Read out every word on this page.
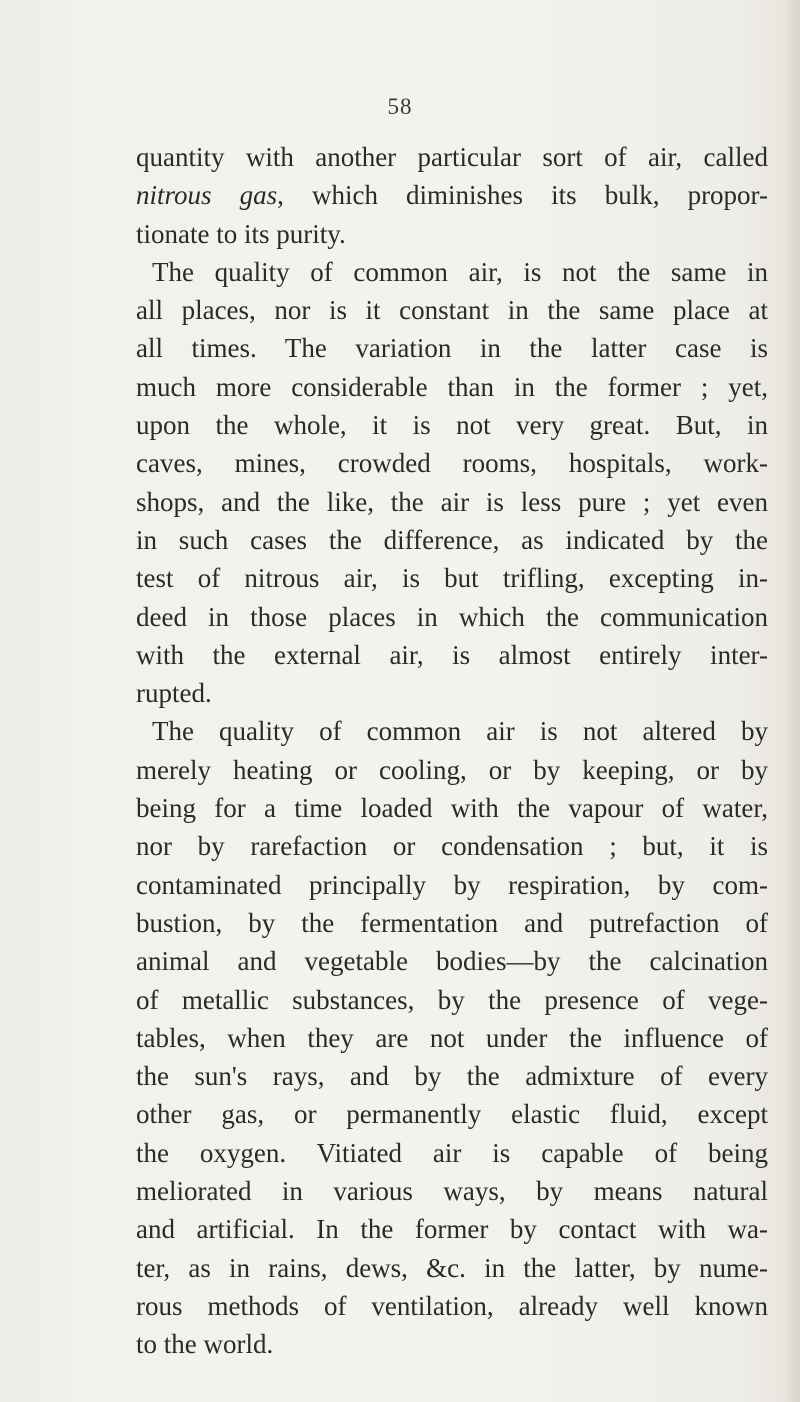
58
quantity with another particular sort of air, called
nitrous gas, which diminishes its bulk, propor-
tionate to its purity.
The quality of common air, is not the same in
all places, nor is it constant in the same place at
all times. The variation in the latter case is
much more considerable than in the former ; yet,
upon the whole, it is not very great. But, in
caves, mines, crowded rooms, hospitals, work-
shops, and the like, the air is less pure ; yet even
in such cases the difference, as indicated by the
test of nitrous air, is but trifling, excepting in-
deed in those places in which the communication
with the external air, is almost entirely inter-
rupted.
The quality of common air is not altered by
merely heating or cooling, or by keeping, or by
being for a time loaded with the vapour of water,
nor by rarefaction or condensation ; but, it is
contaminated principally by respiration, by com-
bustion, by the fermentation and putrefaction of
animal and vegetable bodies—by the calcination
of metallic substances, by the presence of vege-
tables, when they are not under the influence of
the sun's rays, and by the admixture of every
other gas, or permanently elastic fluid, except
the oxygen. Vitiated air is capable of being
meliorated in various ways, by means natural
and artificial. In the former by contact with wa-
ter, as in rains, dews, &c. in the latter, by nume-
rous methods of ventilation, already well known
to the world.
